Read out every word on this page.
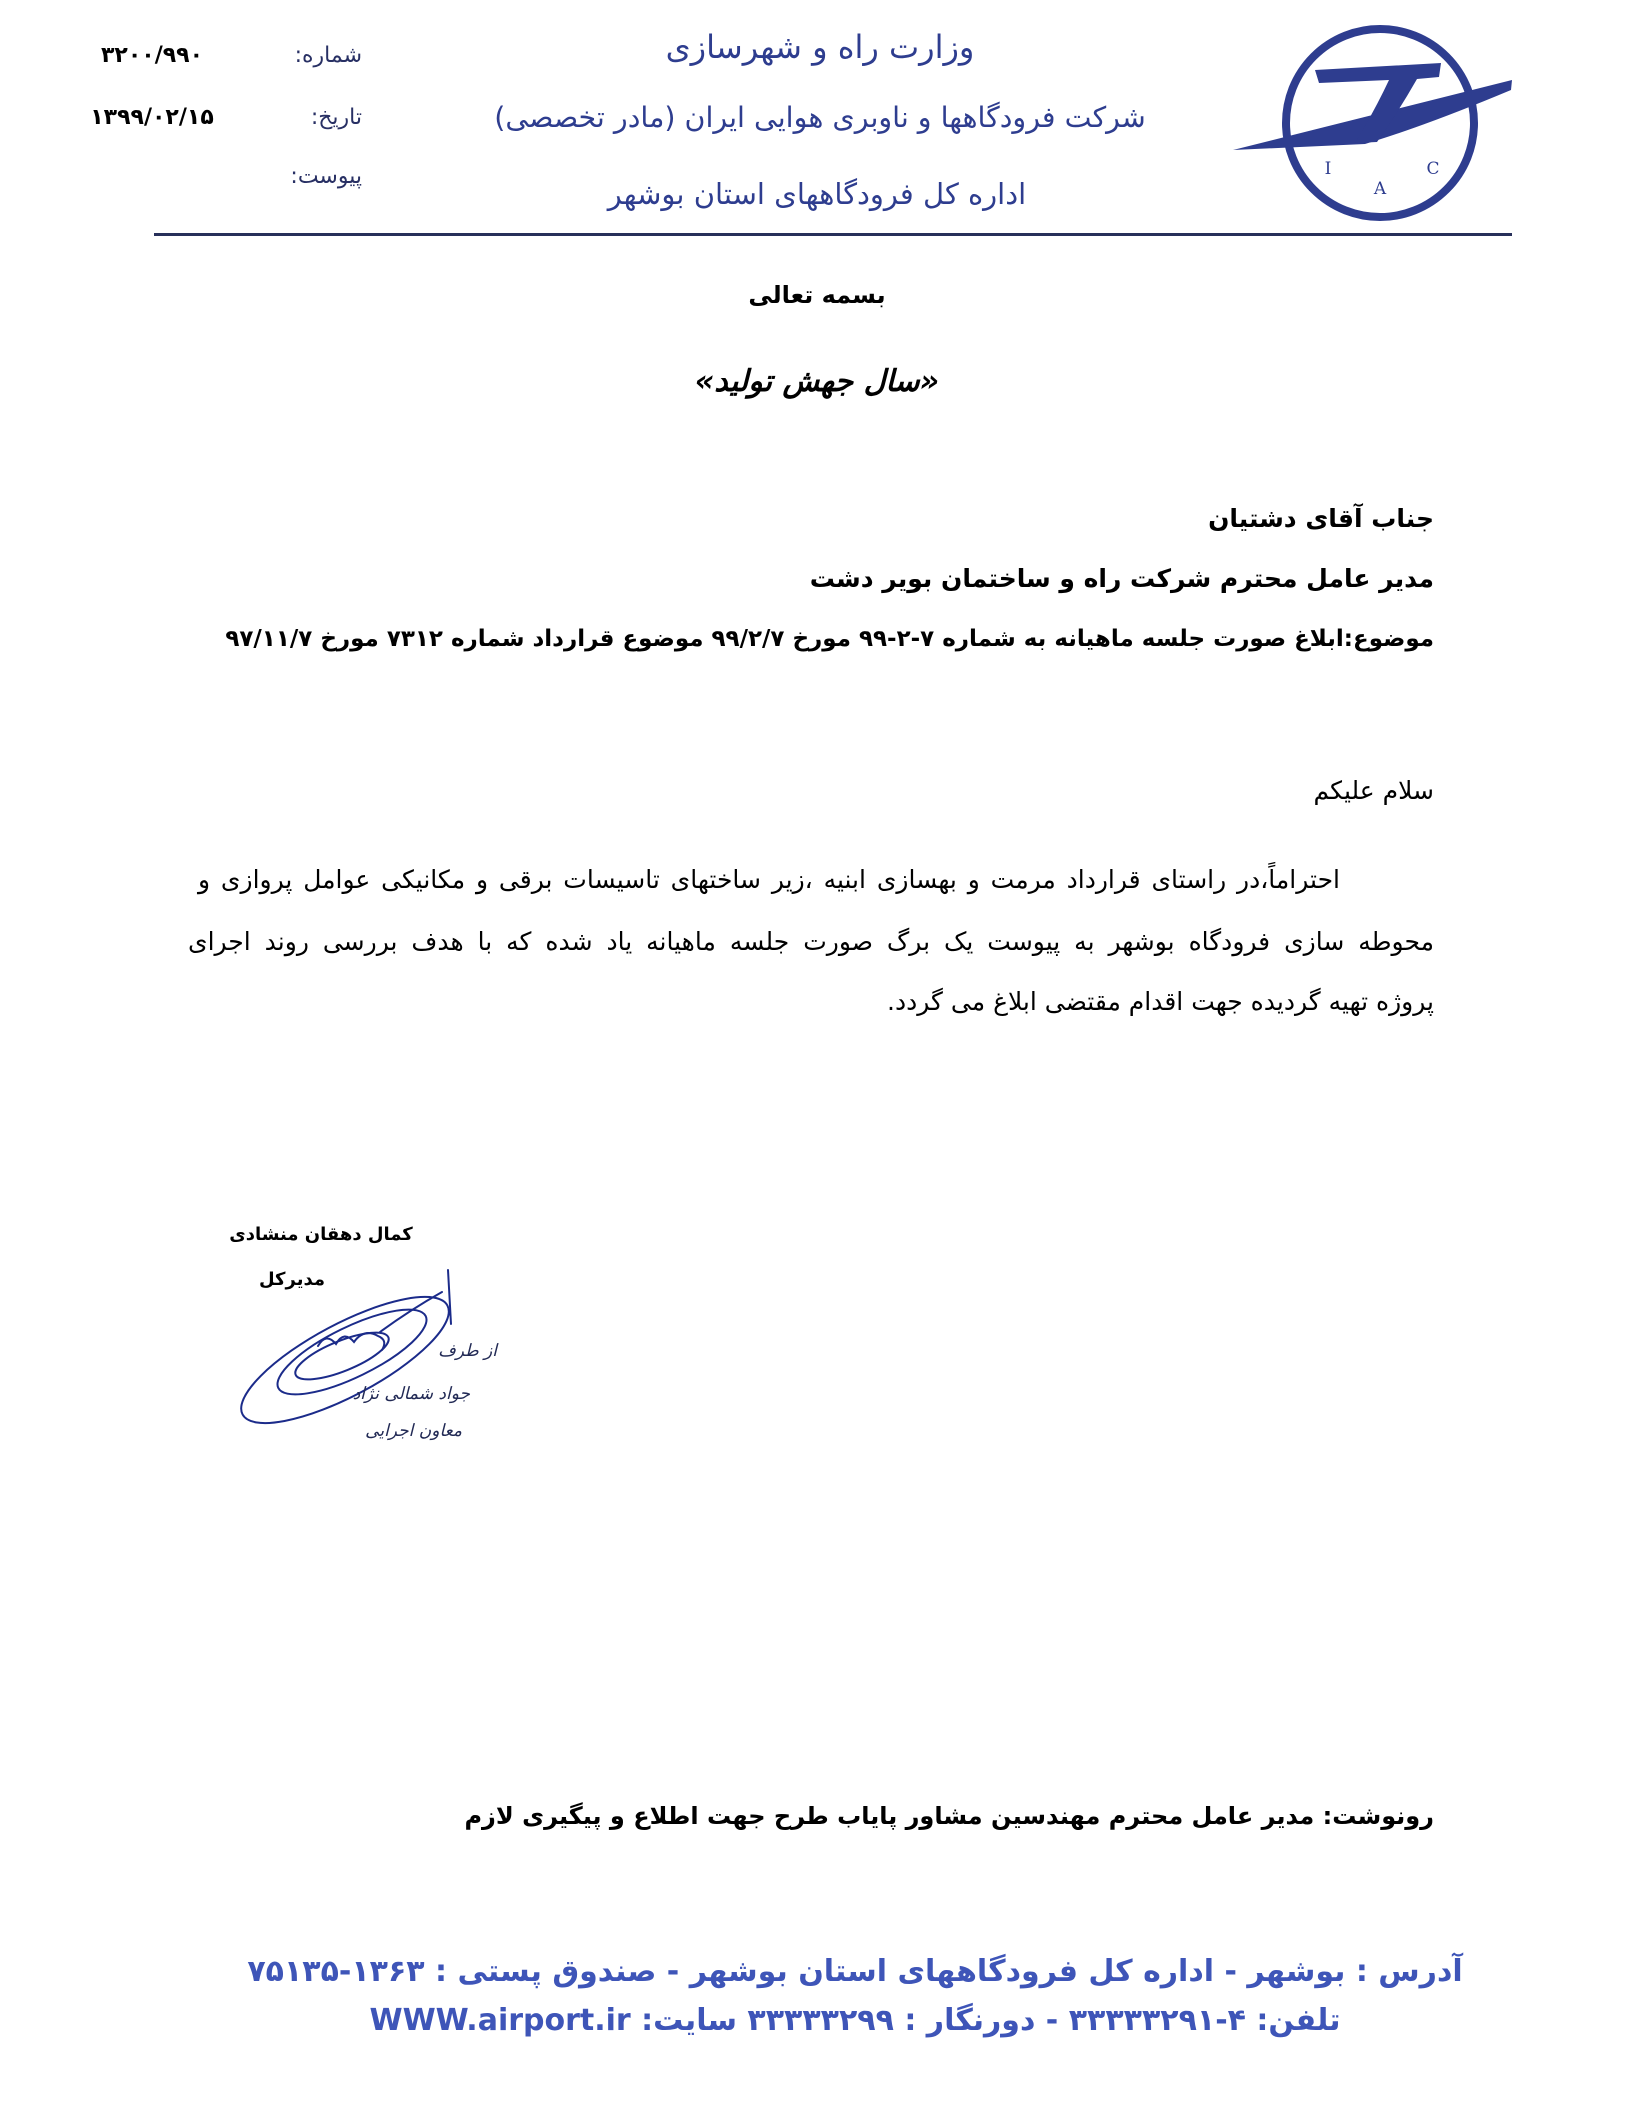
وزارت راه و شهرسازی
شرکت فرودگاهها و ناوبری هوایی ایران (مادر تخصصی)
اداره کل فرودگاههای استان بوشهر
I
A
C
شماره:
۳۲۰۰/۹۹۰
تاریخ:
۱۳۹۹/۰۲/۱۵
پیوست:
بسمه تعالی
«سال جهش تولید»
جناب آقای دشتیان
مدیر عامل محترم شرکت راه و ساختمان بویر دشت
موضوع:ابلاغ صورت جلسه ماهیانه به شماره ۷-۲-۹۹ مورخ ۹۹/۲/۷ موضوع قرارداد شماره ۷۳۱۲ مورخ ۹۷/۱۱/۷
سلام علیکم
احتراماً،در راستای قرارداد مرمت و بهسازی ابنیه ،زیر ساختهای تاسیسات برقی و مکانیکی عوامل پروازی و
محوطه سازی فرودگاه بوشهر به پیوست یک برگ صورت جلسه ماهیانه یاد شده که با هدف بررسی روند اجرای
پروژه تهیه گردیده جهت اقدام مقتضی ابلاغ می گردد.
کمال دهقان منشادی
مدیرکل
از طرف
جواد شمالی نژاد
معاون اجرایی
رونوشت: مدیر عامل محترم مهندسین مشاور پایاب طرح جهت اطلاع و پیگیری لازم
آدرس : بوشهر - اداره کل فرودگاههای استان بوشهر - صندوق پستی : ۱۳۶۳-۷۵۱۳۵
تلفن: ۴-۳۳۳۳۳۲۹۱ - دورنگار : ۳۳۳۳۳۲۹۹ سایت: WWW.airport.ir
